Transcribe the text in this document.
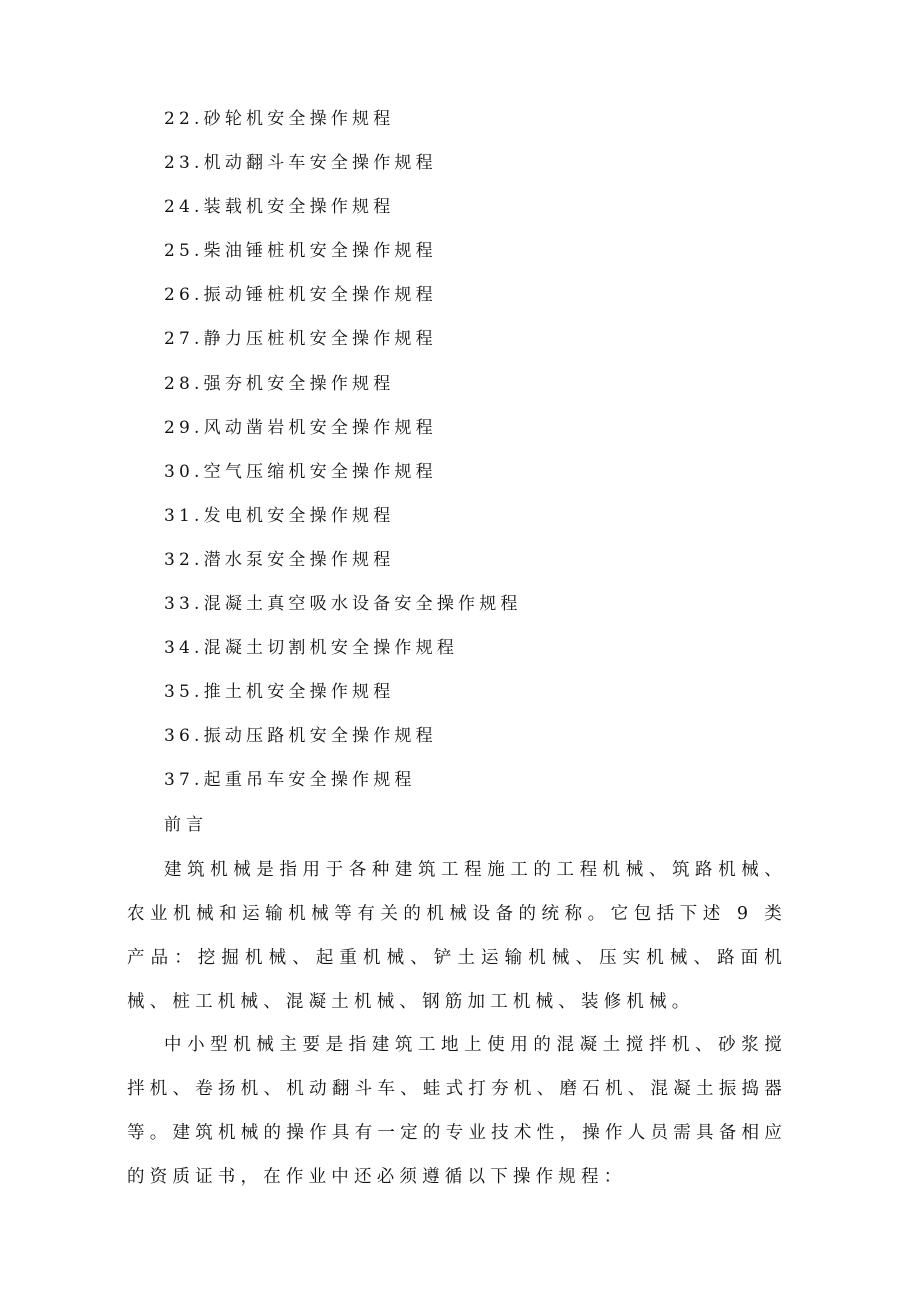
22.砂轮机安全操作规程
23.机动翻斗车安全操作规程
24.装载机安全操作规程
25.柴油锤桩机安全操作规程
26.振动锤桩机安全操作规程
27.静力压桩机安全操作规程
28.强夯机安全操作规程
29.风动凿岩机安全操作规程
30.空气压缩机安全操作规程
31.发电机安全操作规程
32.潜水泵安全操作规程
33.混凝土真空吸水设备安全操作规程
34.混凝土切割机安全操作规程
35.推土机安全操作规程
36.振动压路机安全操作规程
37.起重吊车安全操作规程
前言

建筑机械是指用于各种建筑工程施工的工程机械、筑路机械、农业机械和运输机械等有关的机械设备的统称。它包括下述 9 类产品：挖掘机械、起重机械、铲土运输机械、压实机械、路面机械、桩工机械、混凝土机械、钢筋加工机械、装修机械。

中小型机械主要是指建筑工地上使用的混凝土搅拌机、砂浆搅拌机、卷扬机、机动翻斗车、蛙式打夯机、磨石机、混凝土振捣器等。建筑机械的操作具有一定的专业技术性，操作人员需具备相应的资质证书，在作业中还必须遵循以下操作规程：
